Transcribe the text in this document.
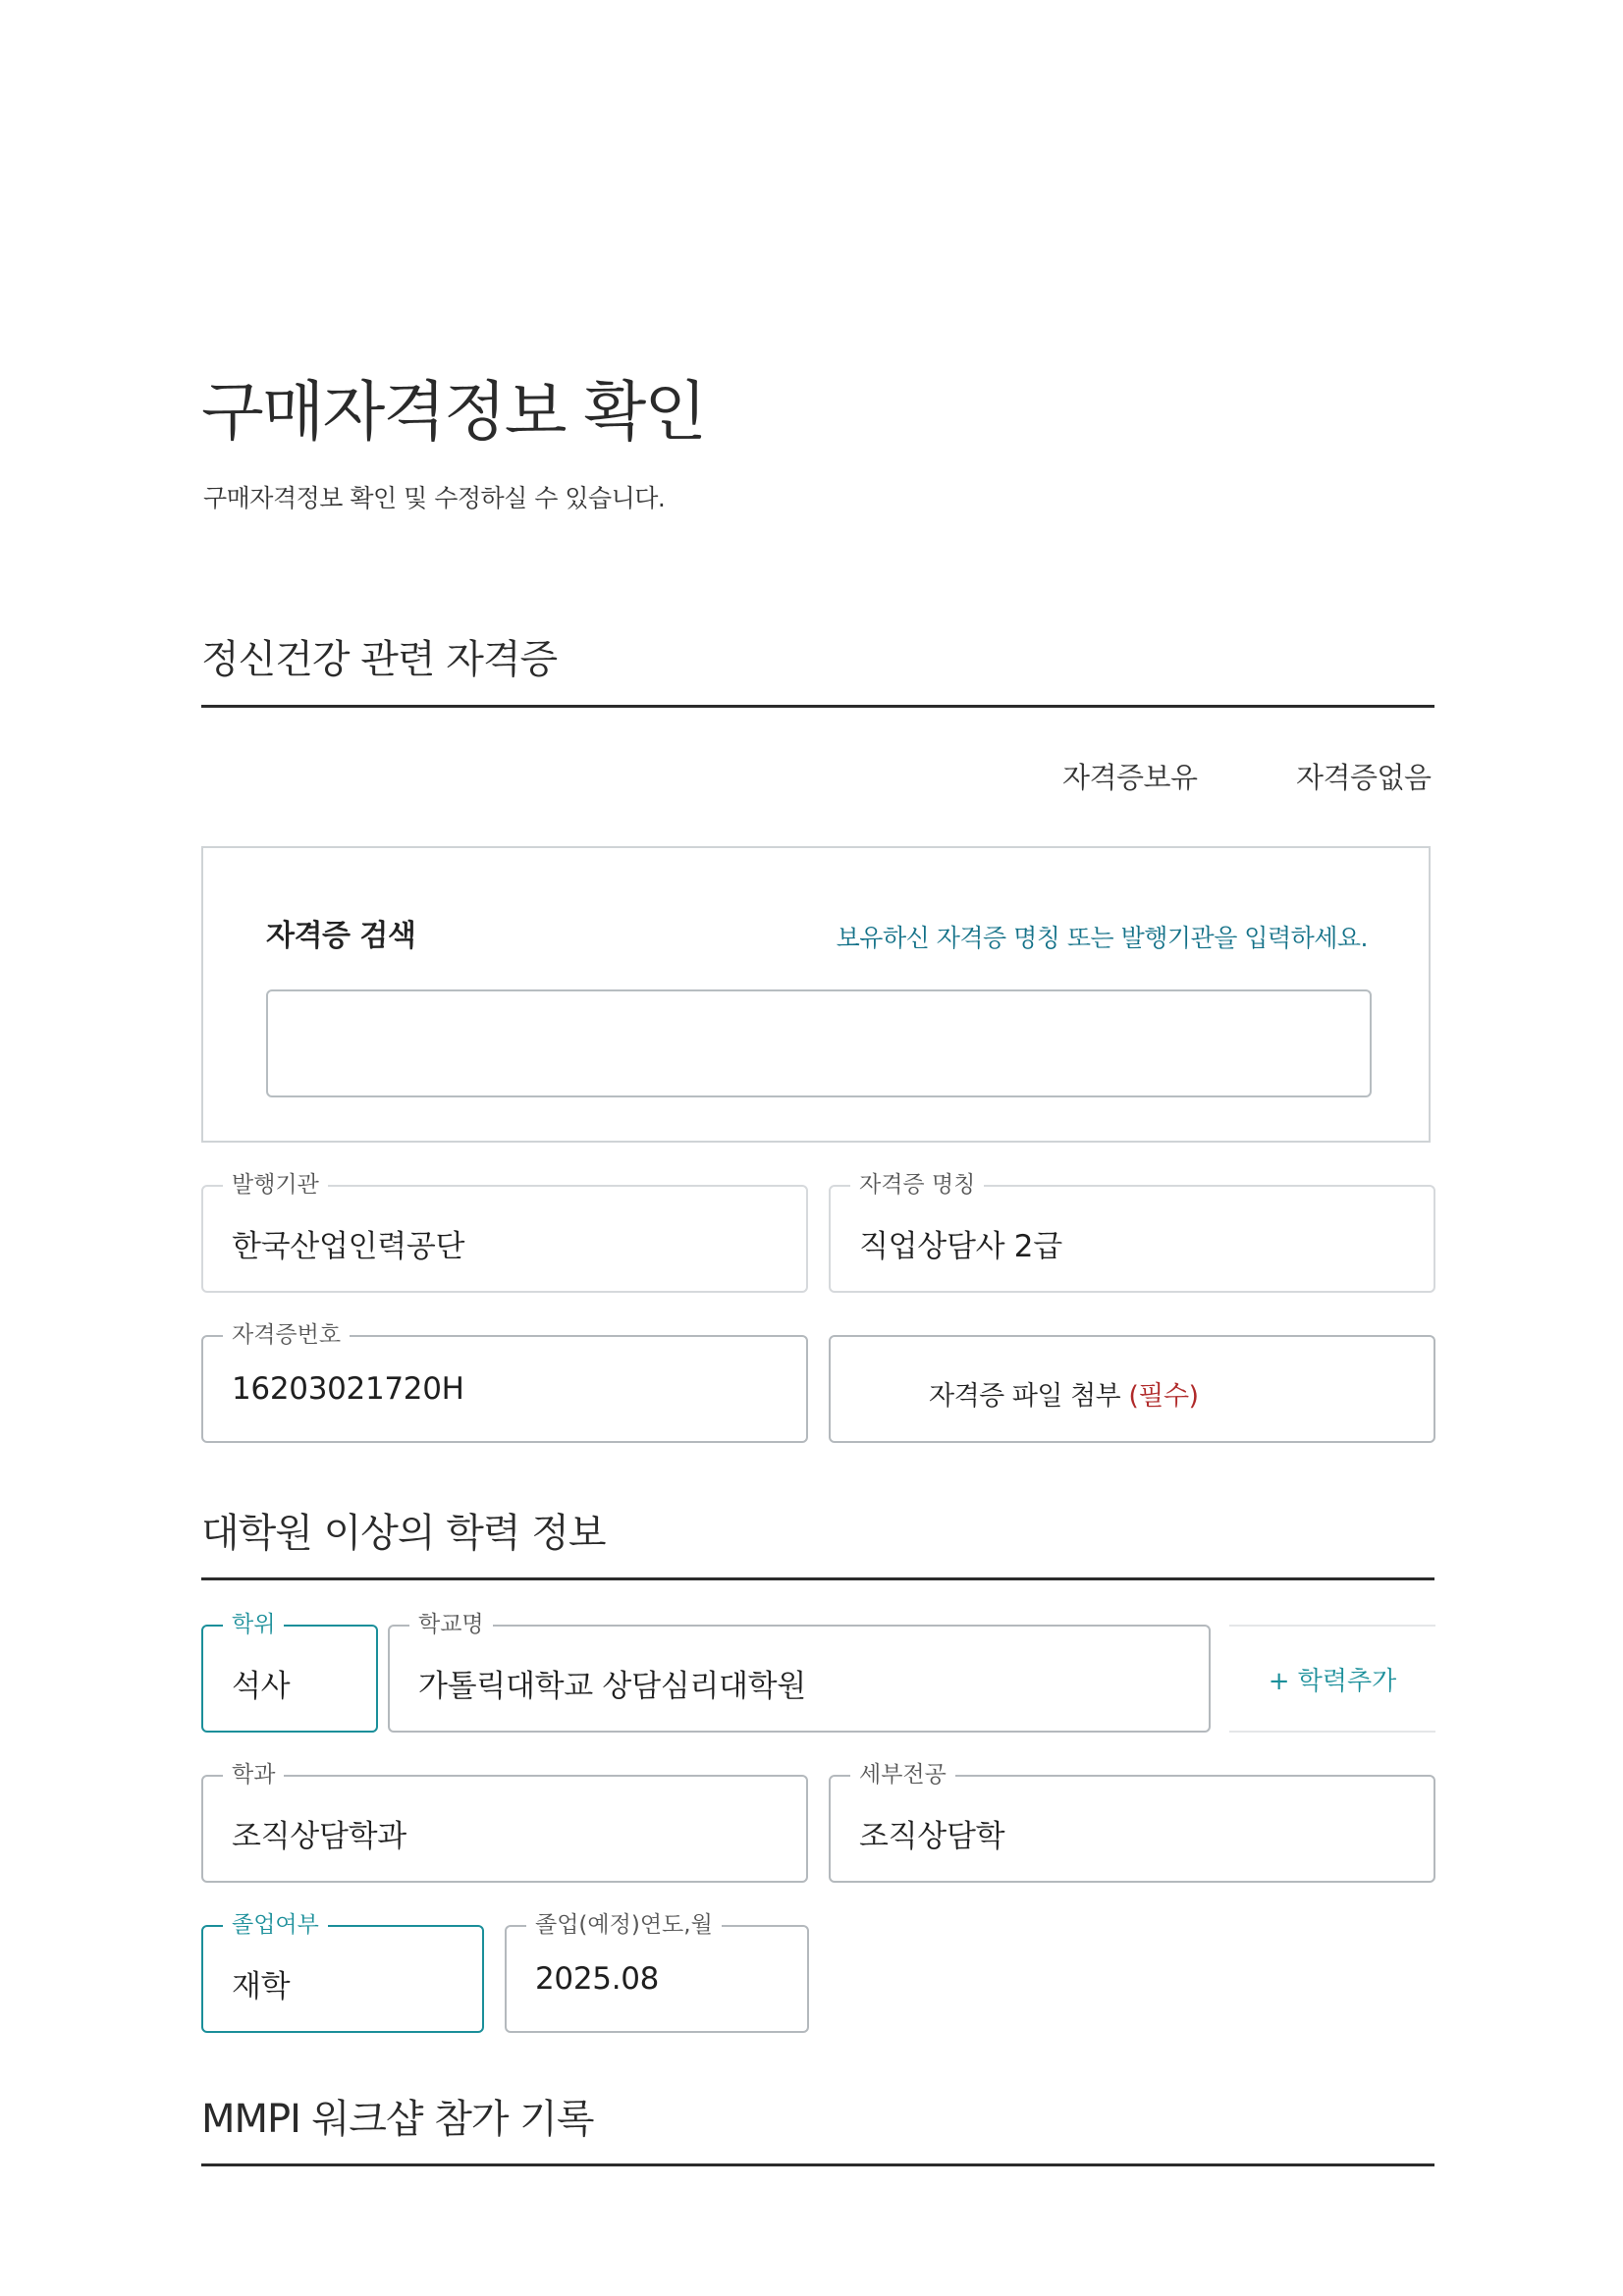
구매자격정보 확인
구매자격정보 확인 및 수정하실 수 있습니다.
정신건강 관련 자격증
자격증보유	자격증없음
자격증 검색	보유하신 자격증 명칭 또는 발행기관을 입력하세요.
발행기관
한국산업인력공단
자격증 명칭
직업상담사 2급
자격증번호
16203021720H	자격증 파일 첨부 (필수)
대학원 이상의 학력 정보
학위
석사
학교명
가톨릭대학교 상담심리대학원	+ 학력추가
학과
조직상담학과
세부전공
조직상담학
졸업여부
재학
졸업(예정)연도,월
2025.08
MMPI 워크샵 참가 기록
